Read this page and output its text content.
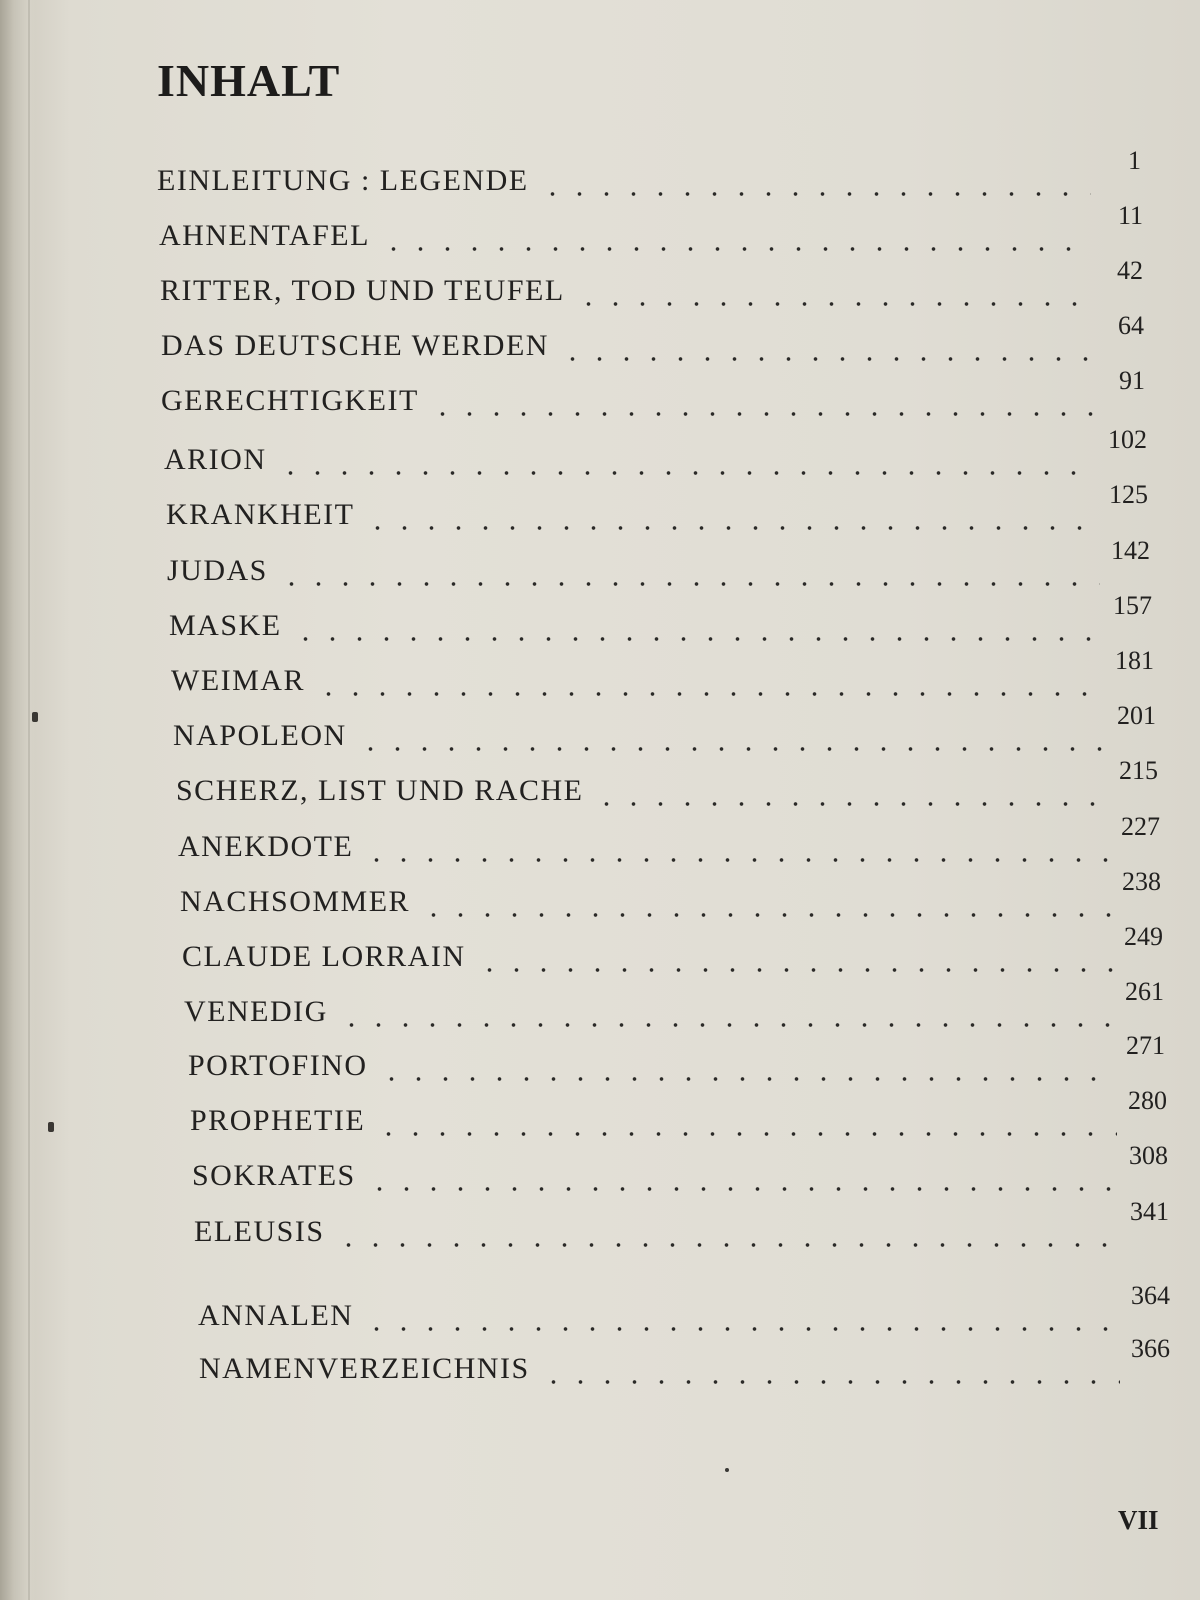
INHALT
EINLEITUNG : LEGENDE
1
AHNENTAFEL
11
RITTER, TOD UND TEUFEL
42
DAS DEUTSCHE WERDEN
64
GERECHTIGKEIT
91
ARION
102
KRANKHEIT
125
JUDAS
142
MASKE
157
WEIMAR
181
NAPOLEON
201
SCHERZ, LIST UND RACHE
215
ANEKDOTE
227
NACHSOMMER
238
CLAUDE LORRAIN
249
VENEDIG
261
PORTOFINO
271
PROPHETIE
280
SOKRATES
308
ELEUSIS
341
ANNALEN
364
NAMENVERZEICHNIS
366
VII
